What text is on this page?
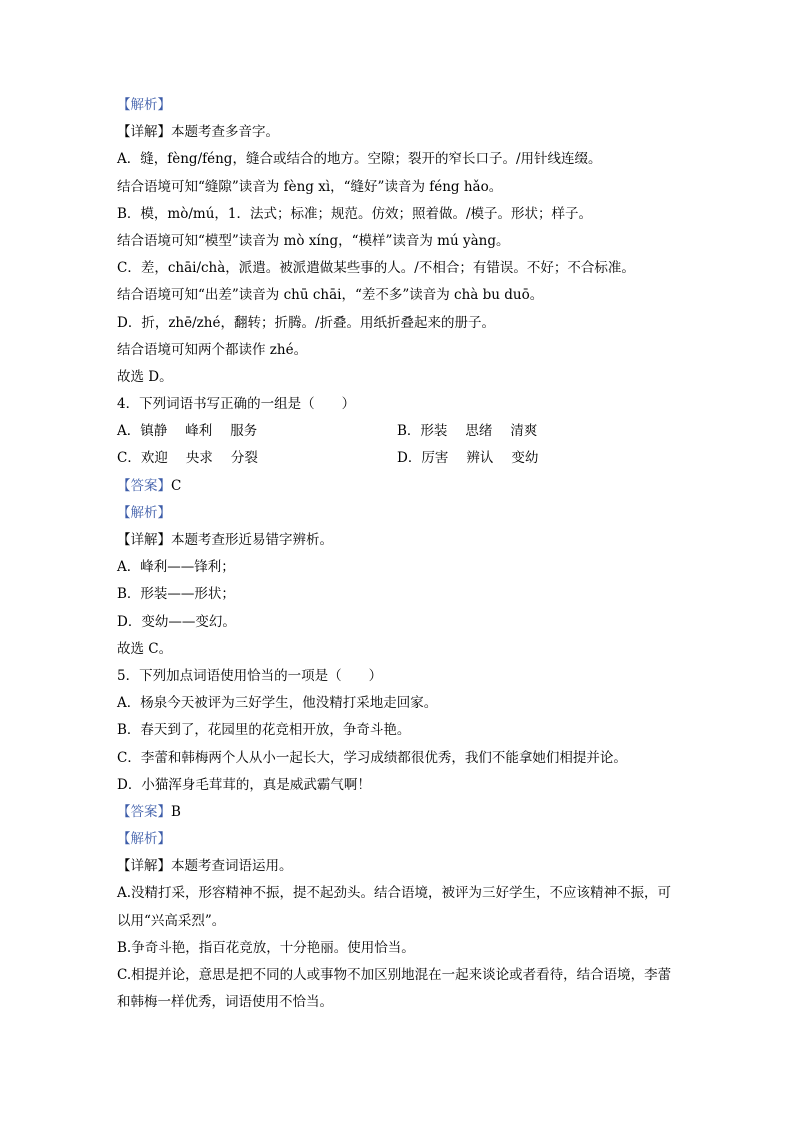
【解析】
【详解】本题考查多音字。
A．缝，fèng/féng，缝合或结合的地方。空隙；裂开的窄长口子。/用针线连缀。
结合语境可知“缝隙”读音为 fèng xì，“缝好”读音为 féng hǎo。
B．模，mò/mú，1．法式；标准；规范。仿效；照着做。/模子。形状；样子。
结合语境可知“模型”读音为 mò xíng，“模样”读音为 mú yàng。
C．差，chāi/chà，派遣。被派遣做某些事的人。/不相合；有错误。不好；不合标准。
结合语境可知“出差”读音为 chū chāi，“差不多”读音为 chà bu duō。
D．折，zhē/zhé，翻转；折腾。/折叠。用纸折叠起来的册子。
结合语境可知两个都读作 zhé。
故选 D。
4．下列词语书写正确的一组是（　　）
A．镇静 峰利 服务	B．形装 思绪 清爽
C．欢迎 央求 分裂	D．厉害 辨认 变幼
【答案】C
【解析】
【详解】本题考查形近易错字辨析。
A．峰利——锋利；
B．形装——形状；
D．变幼——变幻。
故选 C。
5．下列加点词语使用恰当的一项是（　　）
A．杨泉今天被评为三好学生，他没精打采地走回家。
B．春天到了，花园里的花竞相开放，争奇斗艳。
C．李蕾和韩梅两个人从小一起长大，学习成绩都很优秀，我们不能拿她们相提并论。
D．小猫浑身毛茸茸的，真是威武霸气啊！
【答案】B
【解析】
【详解】本题考查词语运用。
A.没精打采，形容精神不振，提不起劲头。结合语境，被评为三好学生，不应该精神不振，可以用“兴高采烈”。
B.争奇斗艳，指百花竞放，十分艳丽。使用恰当。
C.相提并论，意思是把不同的人或事物不加区别地混在一起来谈论或者看待，结合语境，李蕾和韩梅一样优秀，词语使用不恰当。
